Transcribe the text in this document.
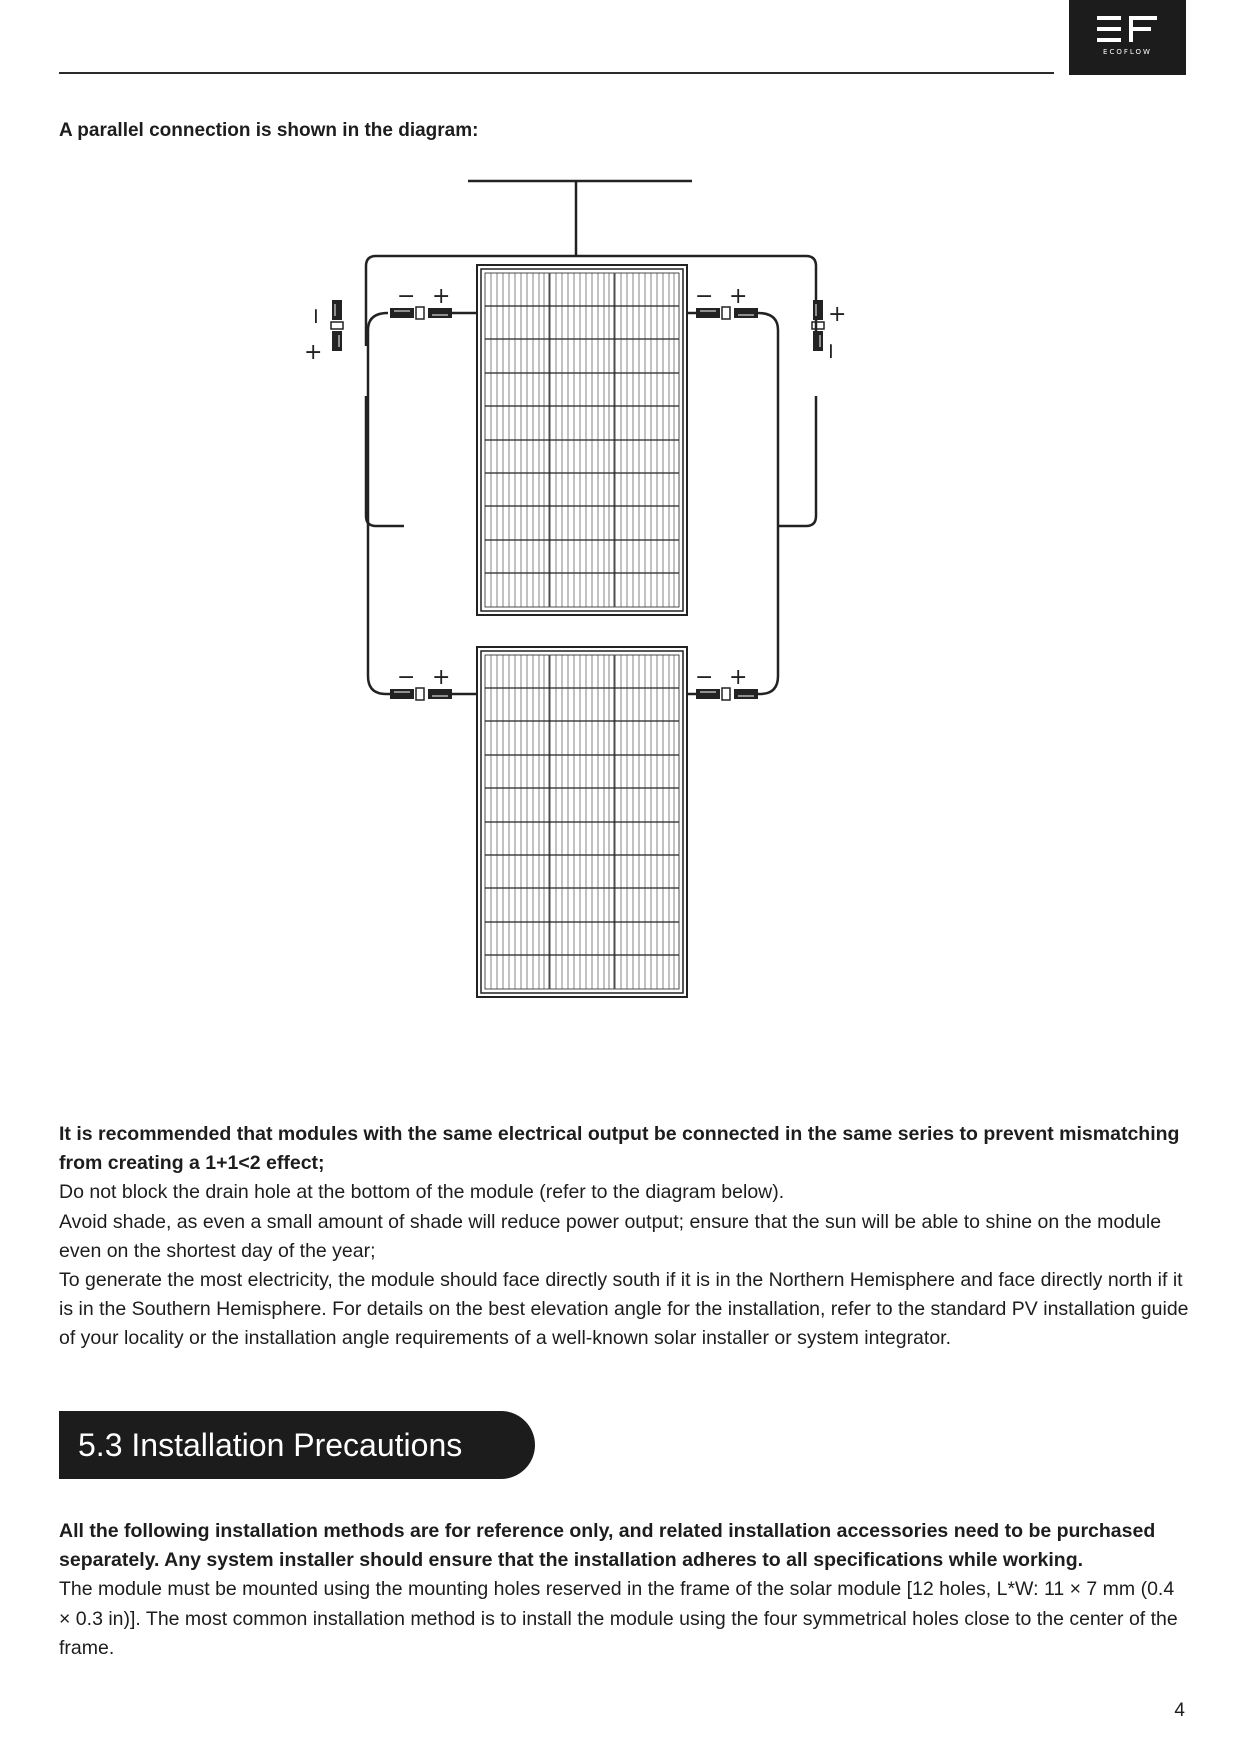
ECOFLOW
A parallel connection is shown in the diagram:
− +	− +
− +	− +
−
+
+
−

It is recommended that modules with the same electrical output be connected in the same series to prevent mismatching from creating a 1+1<2 effect;

Do not block the drain hole at the bottom of the module (refer to the diagram below).

Avoid shade, as even a small amount of shade will reduce power output; ensure that the sun will be able to shine on the module even on the shortest day of the year;

To generate the most electricity, the module should face directly south if it is in the Northern Hemisphere and face directly north if it is in the Southern Hemisphere. For details on the best elevation angle for the installation, refer to the standard PV installation guide of your locality or the installation angle requirements of a well-known solar installer or system integrator.

5.3 Installation Precautions

All the following installation methods are for reference only, and related installation accessories need to be purchased separately. Any system installer should ensure that the installation adheres to all specifications while working.

The module must be mounted using the mounting holes reserved in the frame of the solar module [12 holes, L*W: 11 × 7 mm (0.4 × 0.3 in)]. The most common installation method is to install the module using the four symmetrical holes close to the center of the frame.

4
